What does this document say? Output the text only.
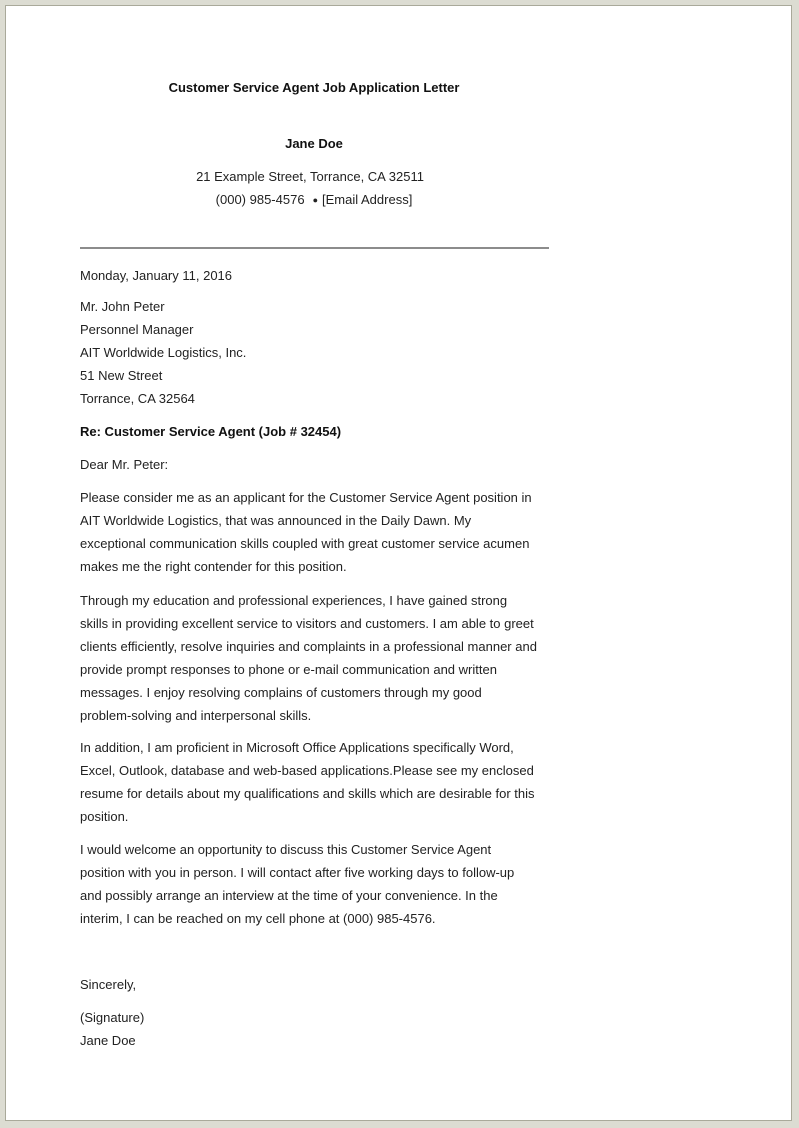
Customer Service Agent Job Application Letter
Jane Doe
21 Example Street, Torrance, CA 32511
(000) 985-4576 ● [Email Address]
Monday, January 11, 2016
Mr. John Peter
Personnel Manager
AIT Worldwide Logistics, Inc.
51 New Street
Torrance, CA 32564
Re: Customer Service Agent (Job # 32454)
Dear Mr. Peter:
Please consider me as an applicant for the Customer Service Agent position in
AIT Worldwide Logistics, that was announced in the Daily Dawn. My
exceptional communication skills coupled with great customer service acumen
makes me the right contender for this position.
Through my education and professional experiences, I have gained strong
skills in providing excellent service to visitors and customers. I am able to greet
clients efficiently, resolve inquiries and complaints in a professional manner and
provide prompt responses to phone or e-mail communication and written
messages. I enjoy resolving complains of customers through my good
problem-solving and interpersonal skills.
In addition, I am proficient in Microsoft Office Applications specifically Word,
Excel, Outlook, database and web-based applications.Please see my enclosed
resume for details about my qualifications and skills which are desirable for this
position.
I would welcome an opportunity to discuss this Customer Service Agent
position with you in person. I will contact after five working days to follow-up
and possibly arrange an interview at the time of your convenience. In the
interim, I can be reached on my cell phone at (000) 985-4576.
Sincerely,
(Signature)
Jane Doe
